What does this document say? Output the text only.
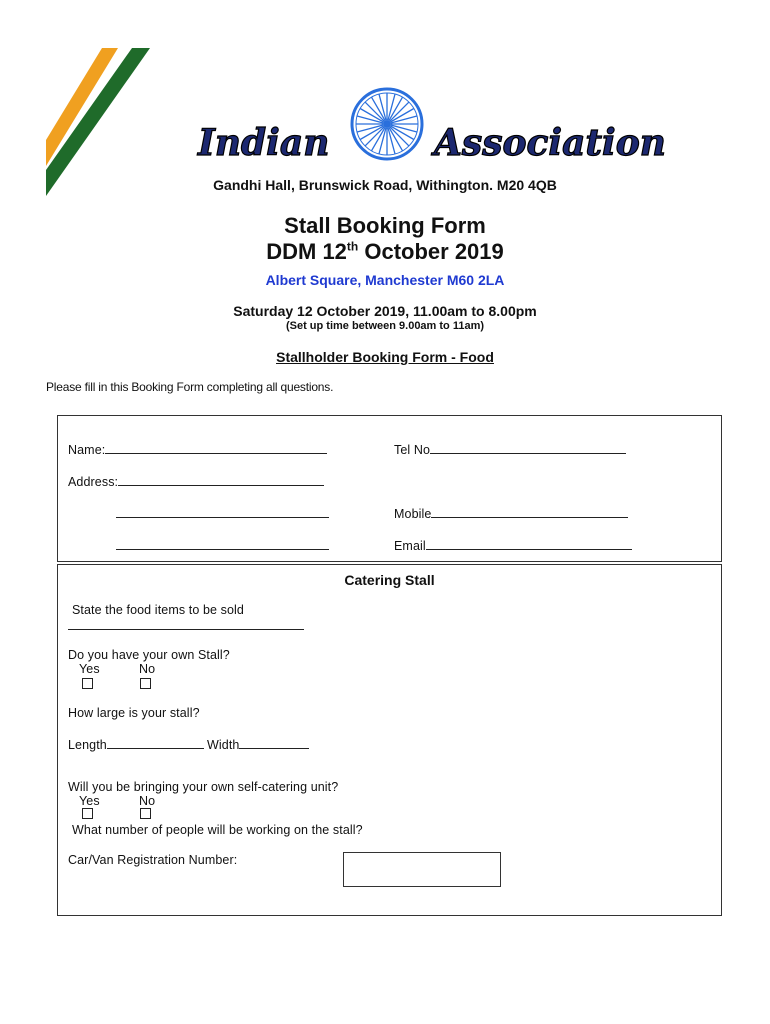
Indian	Association
Gandhi Hall, Brunswick Road, Withington. M20 4QB
Stall Booking Form
DDM 12th October 2019
Albert Square, Manchester M60 2LA
Saturday 12 October 2019, 11.00am to 8.00pm
(Set up time between 9.00am to 11am)
Stallholder Booking Form - Food
Please fill in this Booking Form completing all questions.
Name:	Tel No
Address:
Mobile
Email
Catering Stall
State the food items to be sold
Do you have your own Stall?
Yes	No
How large is your stall?
Length	Width
Will you be bringing your own self-catering unit?
Yes	No
What number of people will be working on the stall?
Car/Van Registration Number:
